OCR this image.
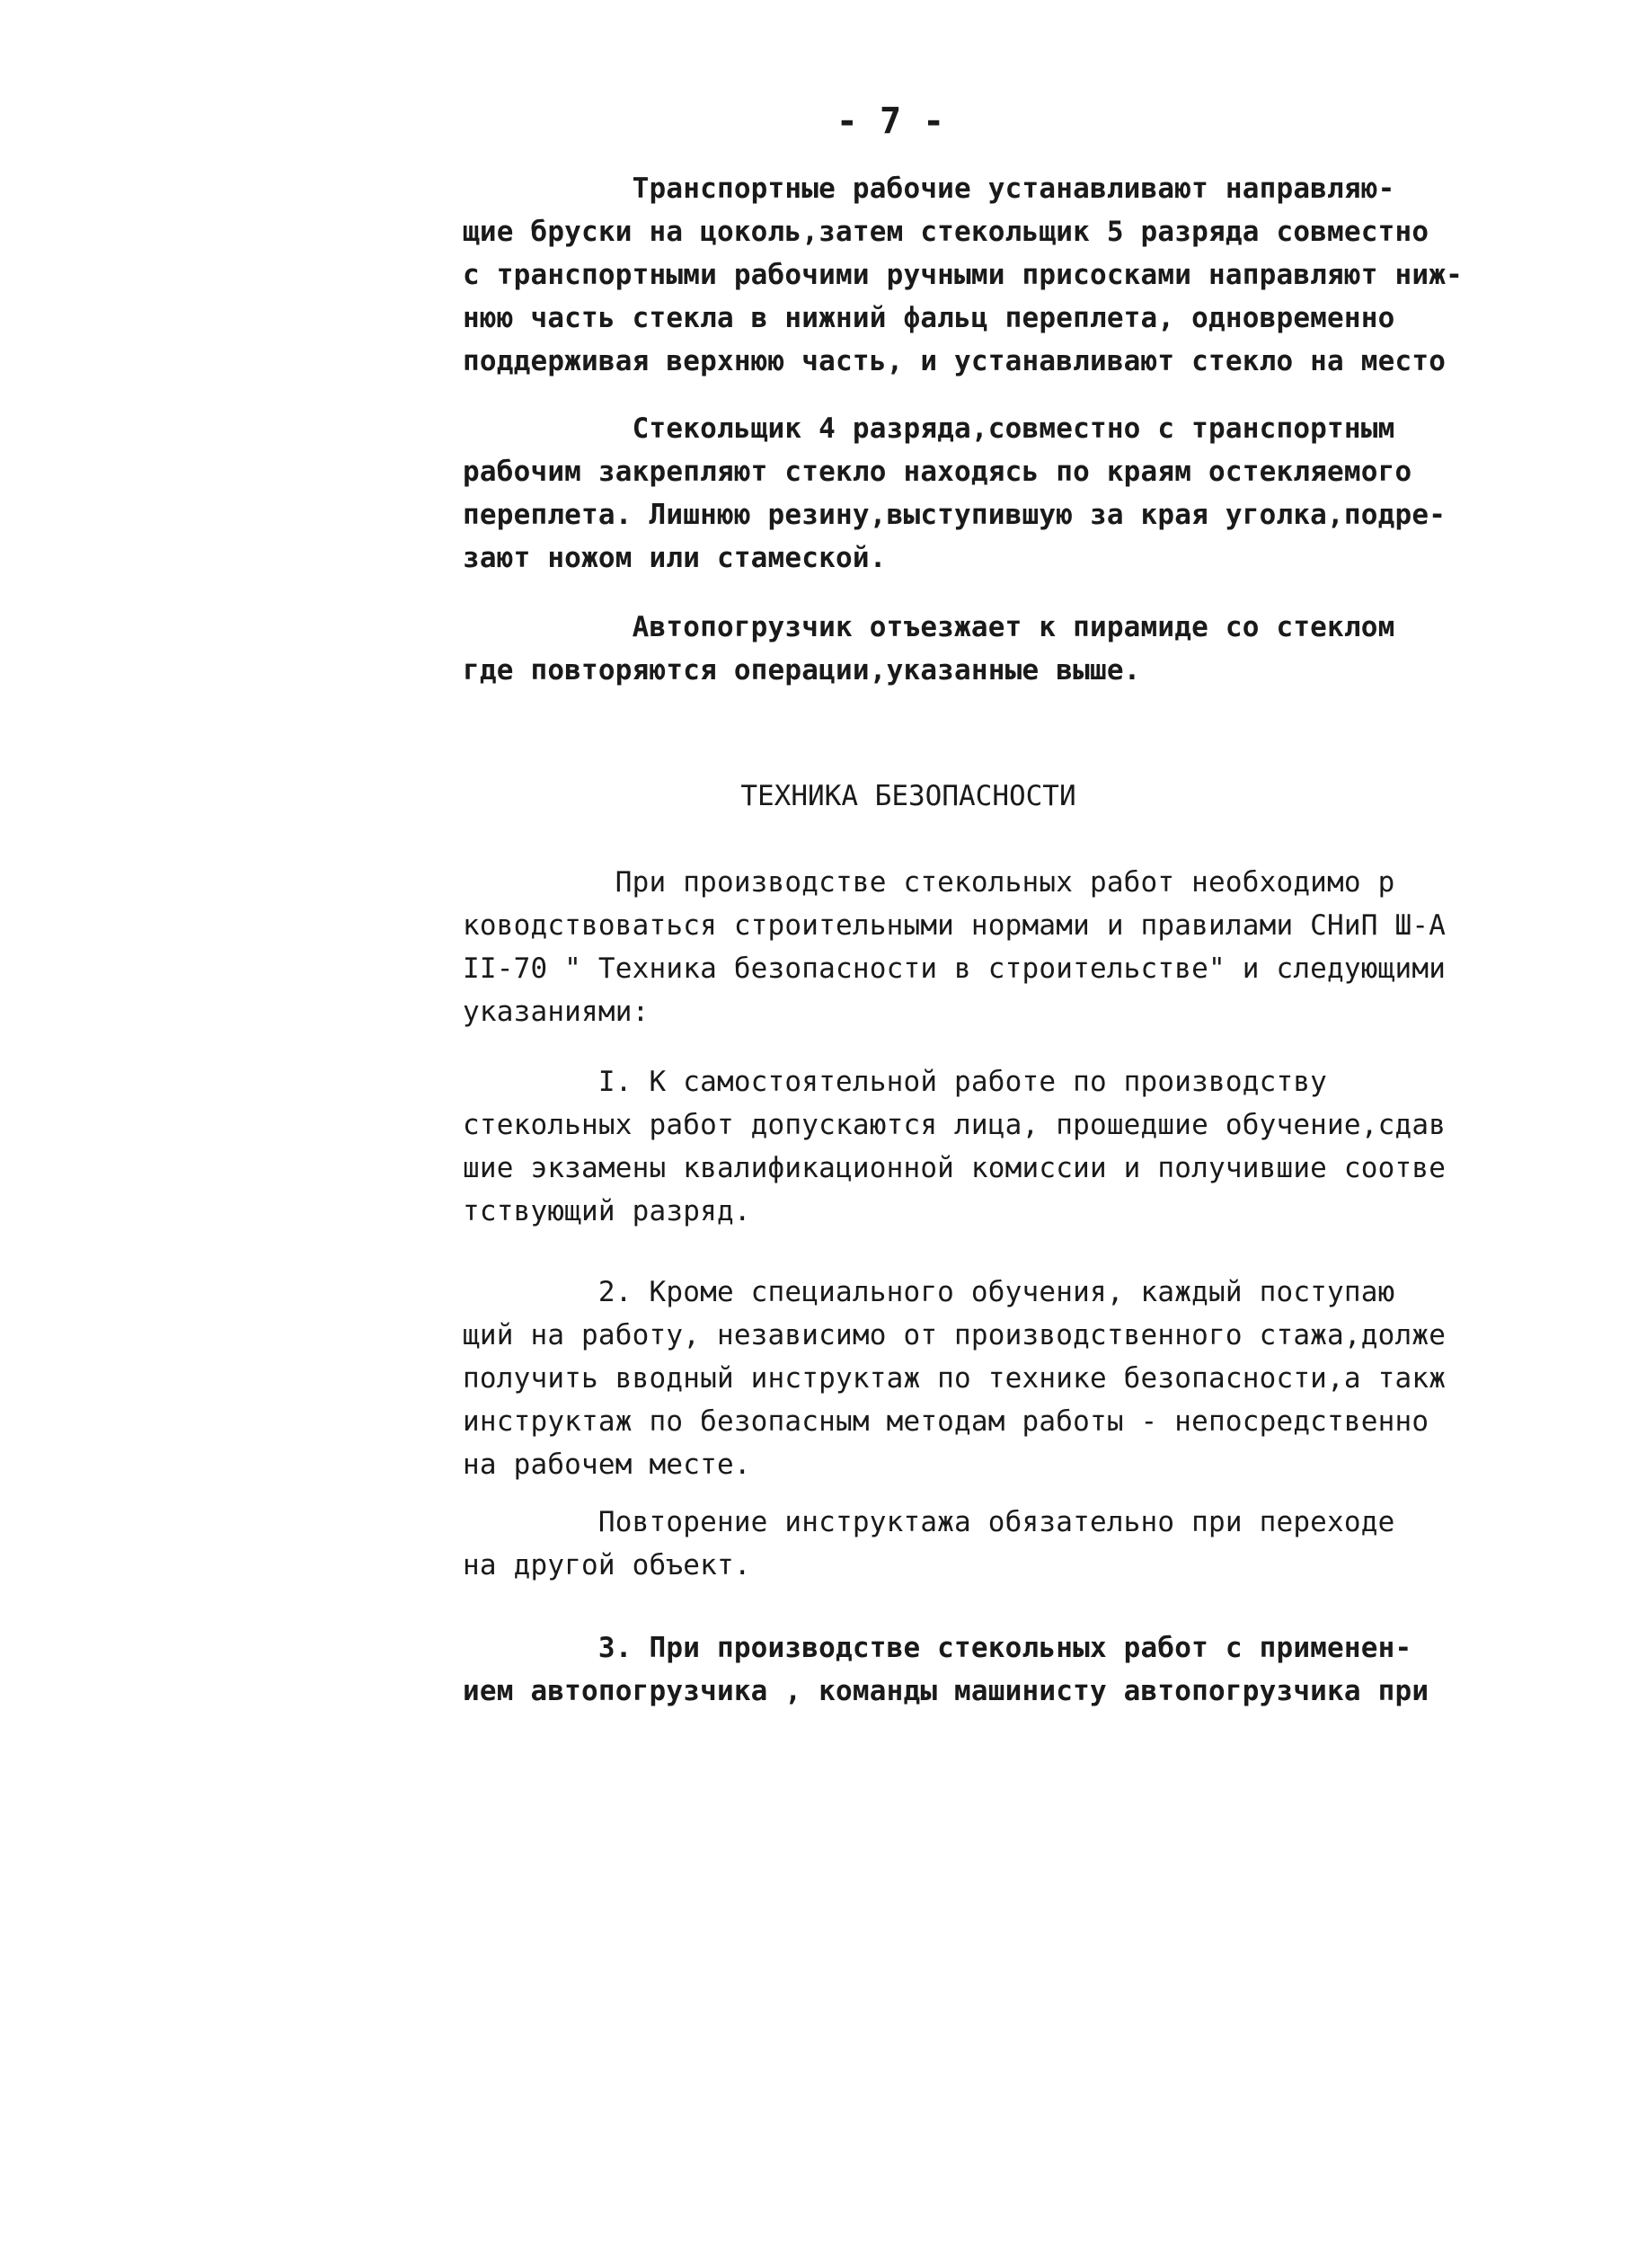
- 7 -
Транспортные рабочие устанавливают направляю-
щие бруски на цоколь,затем стекольщик 5 разряда совместно
с транспортными рабочими ручными присосками направляют ниж-
нюю часть стекла в нижний фальц переплета, одновременно
поддерживая верхнюю часть, и устанавливают стекло на место
Стекольщик 4 разряда,совместно с транспортным
рабочим закрепляют стекло находясь по краям остекляемого
переплета. Лишнюю резину,выступившую за края уголка,подре-
зают ножом или стамеской.
Автопогрузчик отъезжает к пирамиде со стеклом
где повторяются операции,указанные выше.
ТЕХНИКА БЕЗОПАСНОСТИ
При производстве стекольных работ необходимо р
ководствоваться строительными нормами и правилами СНиП Ш-А
II-70 " Техника безопасности в строительстве" и следующими
указаниями:
I. К самостоятельной работе по производству
стекольных работ допускаются лица, прошедшие обучение,сдав
шие экзамены квалификационной комиссии и получившие соотве
тствующий разряд.
2. Кроме специального обучения, каждый поступаю
щий на работу, независимо от производственного стажа,долже
получить вводный инструктаж по технике безопасности,а такж
инструктаж по безопасным методам работы - непосредственно
на рабочем месте.
Повторение инструктажа обязательно при переходе
на другой объект.
3. При производстве стекольных работ с применен-
ием автопогрузчика , команды машинисту автопогрузчика при
